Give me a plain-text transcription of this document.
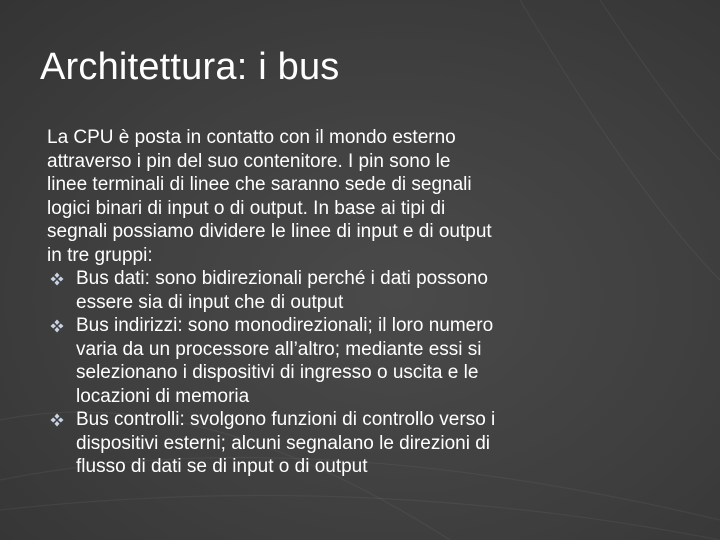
Architettura: i bus

La CPU è posta in contatto con il mondo esterno
attraverso i pin del suo contenitore. I pin sono le
linee terminali di linee che saranno sede di segnali
logici binari di input o di output. In base ai tipi di
segnali possiamo dividere le linee di input e di output
in tre gruppi:

Bus dati: sono bidirezionali perché i dati possono
essere sia di input che di output
Bus indirizzi: sono monodirezionali; il loro numero
varia da un processore all’altro; mediante essi si
selezionano i dispositivi di ingresso o uscita e le
locazioni di memoria
Bus controlli: svolgono funzioni di controllo verso i
dispositivi esterni; alcuni segnalano le direzioni di
flusso di dati se di input o di output
